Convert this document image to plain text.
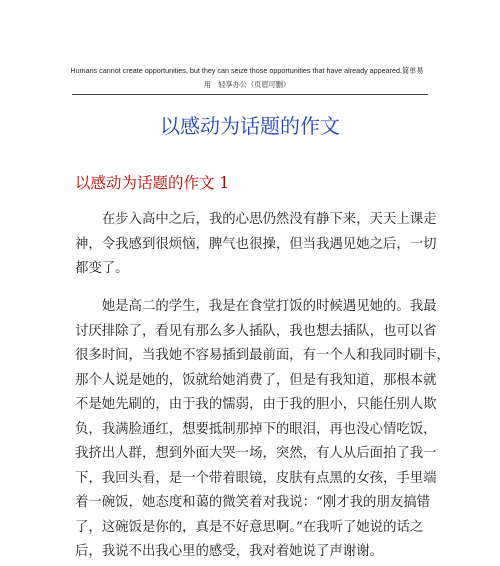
Humans cannot create opportunities, but they can seize those opportunities that have already appeared.简单易
用　轻享办公（页眉可删）
以感动为话题的作文
以感动为话题的作文 1
　　在步入高中之后，我的心思仍然没有静下来，天天上课走
神，令我感到很烦恼，脾气也很操，但当我遇见她之后，一切
都变了。
　　她是高二的学生，我是在食堂打饭的时候遇见她的。我最
讨厌排除了，看见有那么多人插队，我也想去插队，也可以省
很多时间，当我她不容易插到最前面，有一个人和我同时刷卡，
那个人说是她的，饭就给她消费了，但是有我知道，那根本就
不是她先刷的，由于我的懦弱，由于我的胆小，只能任别人欺
负，我满脸通红，想要抵制那掉下的眼泪，再也没心情吃饭，
我挤出人群，想到外面大哭一场，突然，有人从后面拍了我一
下，我回头看，是一个带着眼镜，皮肤有点黑的女孩，手里端
着一碗饭，她态度和蔼的微笑着对我说：“刚才我的朋友搞错
了，这碗饭是你的，真是不好意思啊。”在我听了她说的话之
后，我说不出我心里的感受，我对着她说了声谢谢。
